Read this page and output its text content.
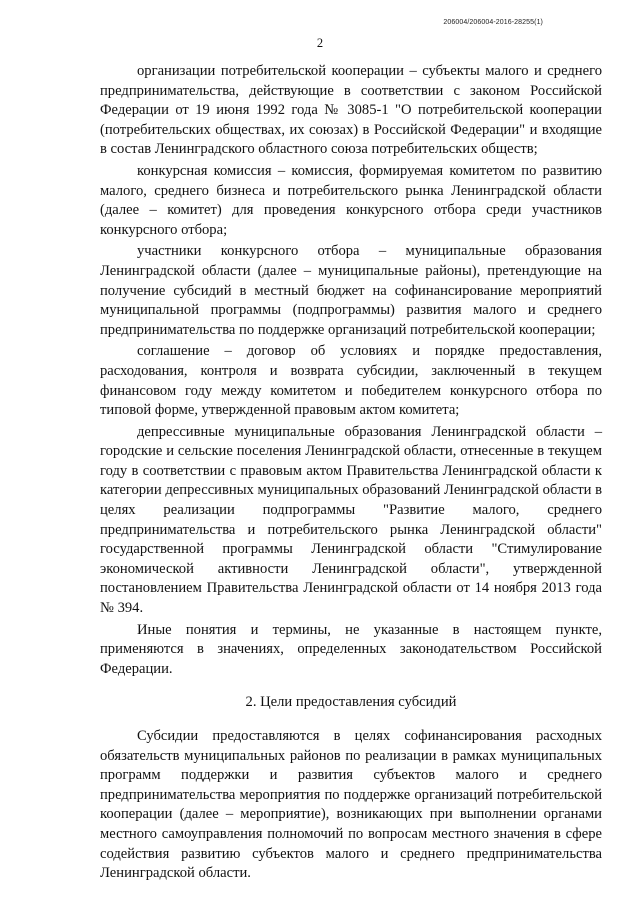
206004/206004-2016-28255(1)
2

организации потребительской кооперации – субъекты малого и среднего предпринимательства, действующие в соответствии с законом Российской Федерации от 19 июня 1992 года № 3085-1 "О потребительской кооперации (потребительских обществах, их союзах) в Российской Федерации" и входящие в состав Ленинградского областного союза потребительских обществ;

конкурсная комиссия – комиссия, формируемая комитетом по развитию малого, среднего бизнеса и потребительского рынка Ленинградской области (далее – комитет) для проведения конкурсного отбора среди участников конкурсного отбора;

участники конкурсного отбора – муниципальные образования Ленинградской области (далее – муниципальные районы), претендующие на получение субсидий в местный бюджет на софинансирование мероприятий муниципальной программы (подпрограммы) развития малого и среднего предпринимательства по поддержке организаций потребительской кооперации;

соглашение – договор об условиях и порядке предоставления, расходования, контроля и возврата субсидии, заключенный в текущем финансовом году между комитетом и победителем конкурсного отбора по типовой форме, утвержденной правовым актом комитета;

депрессивные муниципальные образования Ленинградской области – городские и сельские поселения Ленинградской области, отнесенные в текущем году в соответствии с правовым актом Правительства Ленинградской области к категории депрессивных муниципальных образований Ленинградской области в целях реализации подпрограммы "Развитие малого, среднего предпринимательства и потребительского рынка Ленинградской области" государственной программы Ленинградской области "Стимулирование экономической активности Ленинградской области", утвержденной постановлением Правительства Ленинградской области от 14 ноября 2013 года № 394.

Иные понятия и термины, не указанные в настоящем пункте, применяются в значениях, определенных законодательством Российской Федерации.

2. Цели предоставления субсидий

Субсидии предоставляются в целях софинансирования расходных обязательств муниципальных районов по реализации в рамках муниципальных программ поддержки и развития субъектов малого и среднего предпринимательства мероприятия по поддержке организаций потребительской кооперации (далее – мероприятие), возникающих при выполнении органами местного самоуправления полномочий по вопросам местного значения в сфере содействия развитию субъектов малого и среднего предпринимательства Ленинградской области.
